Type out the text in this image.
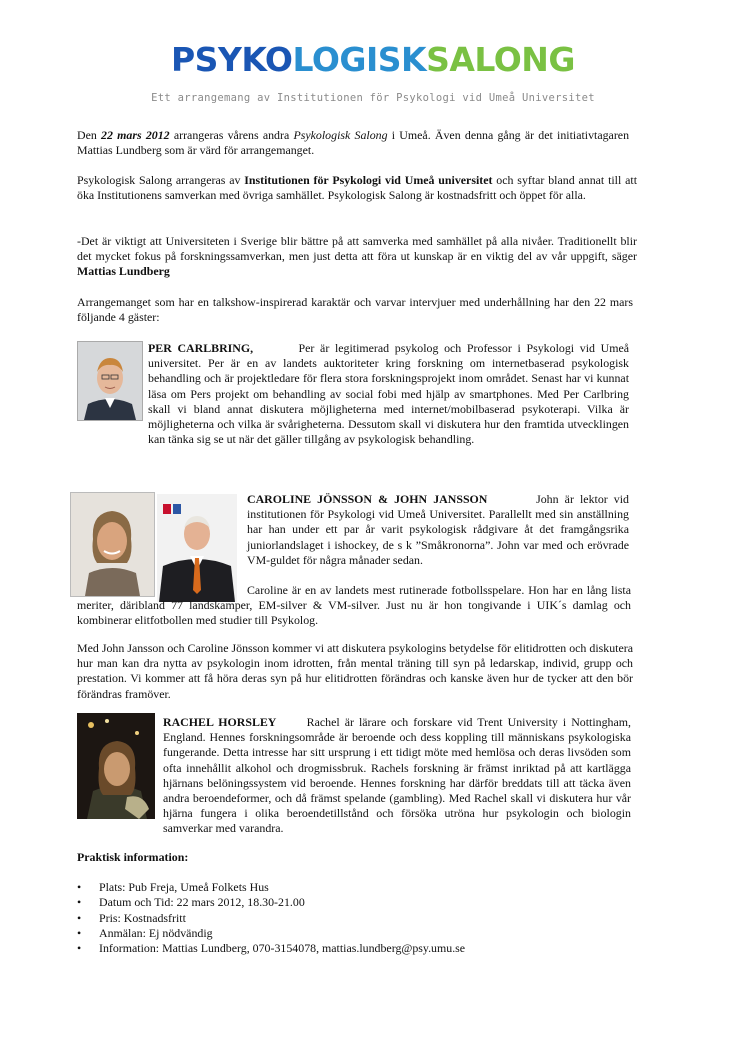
PSYKOLOGISKSALONG
Ett arrangemang av Institutionen för Psykologi vid Umeå Universitet
Den 22 mars 2012 arrangeras vårens andra Psykologisk Salong i Umeå. Även denna gång är det initiativtagaren Mattias Lundberg som är värd för arrangemanget.
Psykologisk Salong arrangeras av Institutionen för Psykologi vid Umeå universitet och syftar bland annat till att öka Institutionens samverkan med övriga samhället. Psykologisk Salong är kostnadsfritt och öppet för alla.
-Det är viktigt att Universiteten i Sverige blir bättre på att samverka med samhället på alla nivåer. Traditionellt blir det mycket fokus på forskningssamverkan, men just detta att föra ut kunskap är en viktig del av vår uppgift, säger Mattias Lundberg
Arrangemanget som har en talkshow-inspirerad karaktär och varvar intervjuer med underhållning har den 22 mars följande 4 gäster:
PER CARLBRING,	Per är legitimerad psykolog och Professor i Psykologi vid Umeå universitet. Per är en av landets auktoriteter kring forskning om internetbaserad psykologisk behandling och är projektledare för flera stora forskningsprojekt inom området. Senast har vi kunnat läsa om Pers projekt om behandling av social fobi med hjälp av smartphones. Med Per Carlbring skall vi bland annat diskutera möjligheterna med internet/mobilbaserad psykoterapi. Vilka är möjligheterna och vilka är svårigheterna. Dessutom skall vi diskutera hur den framtida utvecklingen kan tänka sig se ut när det gäller tillgång av psykologisk behandling.
CAROLINE JÖNSSON & JOHN JANSSON	John är lektor vid institutionen för Psykologi vid Umeå Universitet. Parallellt med sin anställning har han under ett par år varit psykologisk rådgivare åt det framgångsrika juniorlandslaget i ishockey, de s k ”Småkronorna”. John var med och erövrade VM-guldet för några månader sedan.
Caroline är en av landets mest rutinerade fotbollsspelare. Hon har en lång lista meriter, däribland 77 landskamper, EM-silver & VM-silver. Just nu är hon tongivande i UIK´s damlag och kombinerar elitfotbollen med studier till Psykolog.
Med John Jansson och Caroline Jönsson kommer vi att diskutera psykologins betydelse för elitidrotten och diskutera hur man kan dra nytta av psykologin inom idrotten, från mental träning till syn på ledarskap, individ, grupp och prestation. Vi kommer att få höra deras syn på hur elitidrotten förändras och kanske även hur de tycker att den bör förändras framöver.
RACHEL HORSLEY	Rachel är lärare och forskare vid Trent University i Nottingham, England. Hennes forskningsområde är beroende och dess koppling till människans psykologiska fungerande. Detta intresse har sitt ursprung i ett tidigt möte med hemlösa och deras livsöden som ofta innehållit alkohol och drogmissbruk. Rachels forskning är främst inriktad på att kartlägga hjärnans belöningssystem vid beroende. Hennes forskning har därför breddats till att täcka även andra beroendeformer, och då främst spelande (gambling). Med Rachel skall vi diskutera hur vår hjärna fungera i olika beroendetillstånd och försöka utröna hur psykologin och biologin samverkar med varandra.
Praktisk information:
• Plats: Pub Freja, Umeå Folkets Hus
• Datum och Tid: 22 mars 2012, 18.30-21.00
• Pris: Kostnadsfritt
• Anmälan: Ej nödvändig
• Information: Mattias Lundberg, 070-3154078, mattias.lundberg@psy.umu.se
